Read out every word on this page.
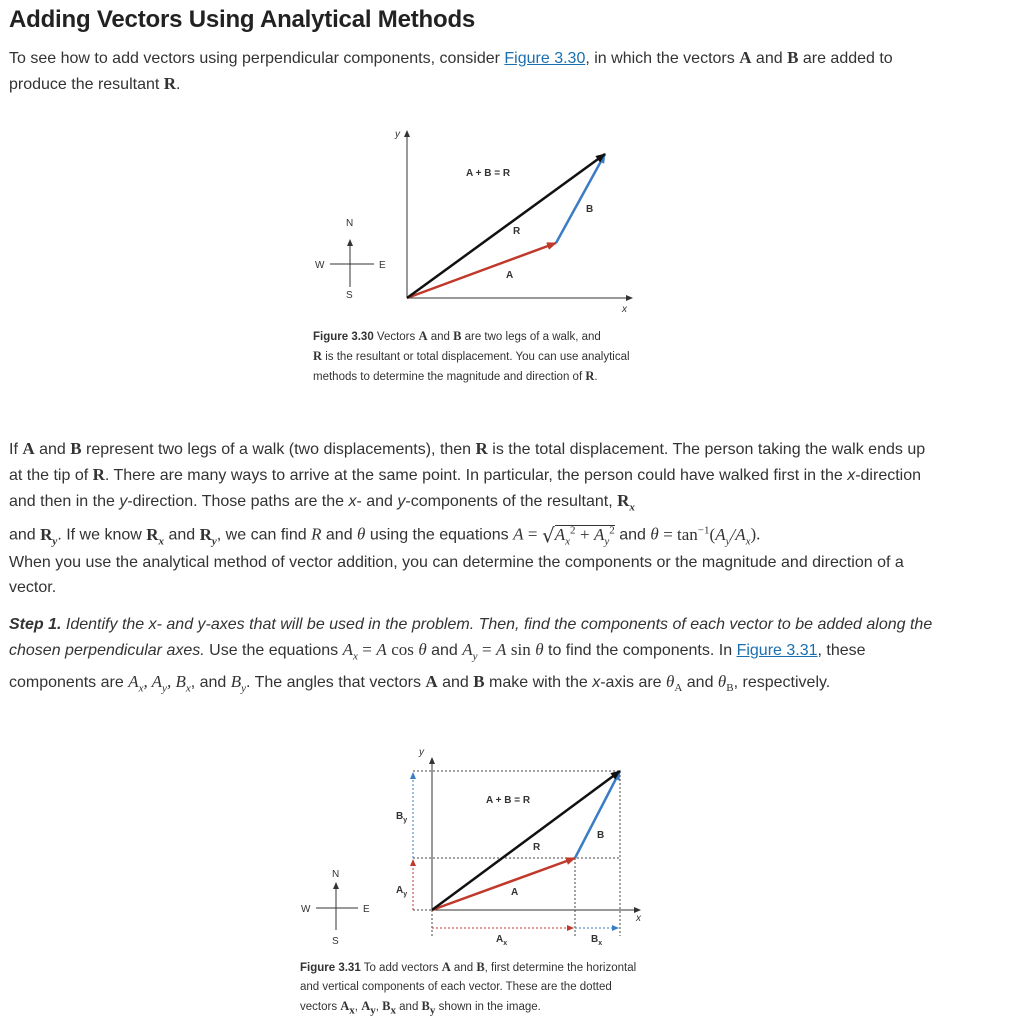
Adding Vectors Using Analytical Methods

To see how to add vectors using perpendicular components, consider Figure 3.30, in which the vectors A and B are added to produce the resultant R.

y
x
A + B = R
R
A
B
N
S
E
W

Figure 3.30 Vectors A and B are two legs of a walk, and
R is the resultant or total displacement. You can use analytical methods to determine the magnitude and direction of R.

If A and B represent two legs of a walk (two displacements), then R is the total displacement. The person taking the walk ends up at the tip of R. There are many ways to arrive at the same point. In particular, the person could have walked first in the x-direction and then in the y-direction. Those paths are the x- and y-components of the resultant, $R_x$

and $R_y$. If we know $R_x$ and $R_y$, we can find R and θ using the equations $A = √A_x^2 + A_y^2$ and $\theta = \tan^{-1}(A_y/A_x)$.

When you use the analytical method of vector addition, you can determine the components or the magnitude and direction of a vector.

Step 1. Identify the x- and y-axes that will be used in the problem. Then, find the components of each vector to be added along the chosen perpendicular axes. Use the equations $A_x = A$ cos θ and $A_y = A$ sin θ to find the components. In Figure 3.31, these components are $A_x$, $A_y$, $B_x$, and $B_y$. The angles that vectors A and B make with the x-axis are $\theta_A$ and $\theta_B$, respectively.

y
x
A + B = R
R
A
B
$B_y$
$A_y$
$A_x$	$B_x$
N
S
E
W

Figure 3.31 To add vectors A and B, first determine the horizontal and vertical components of each vector. These are the dotted vectors $A_x$, $A_y$, $B_x$ and $B_y$ shown in the image.
